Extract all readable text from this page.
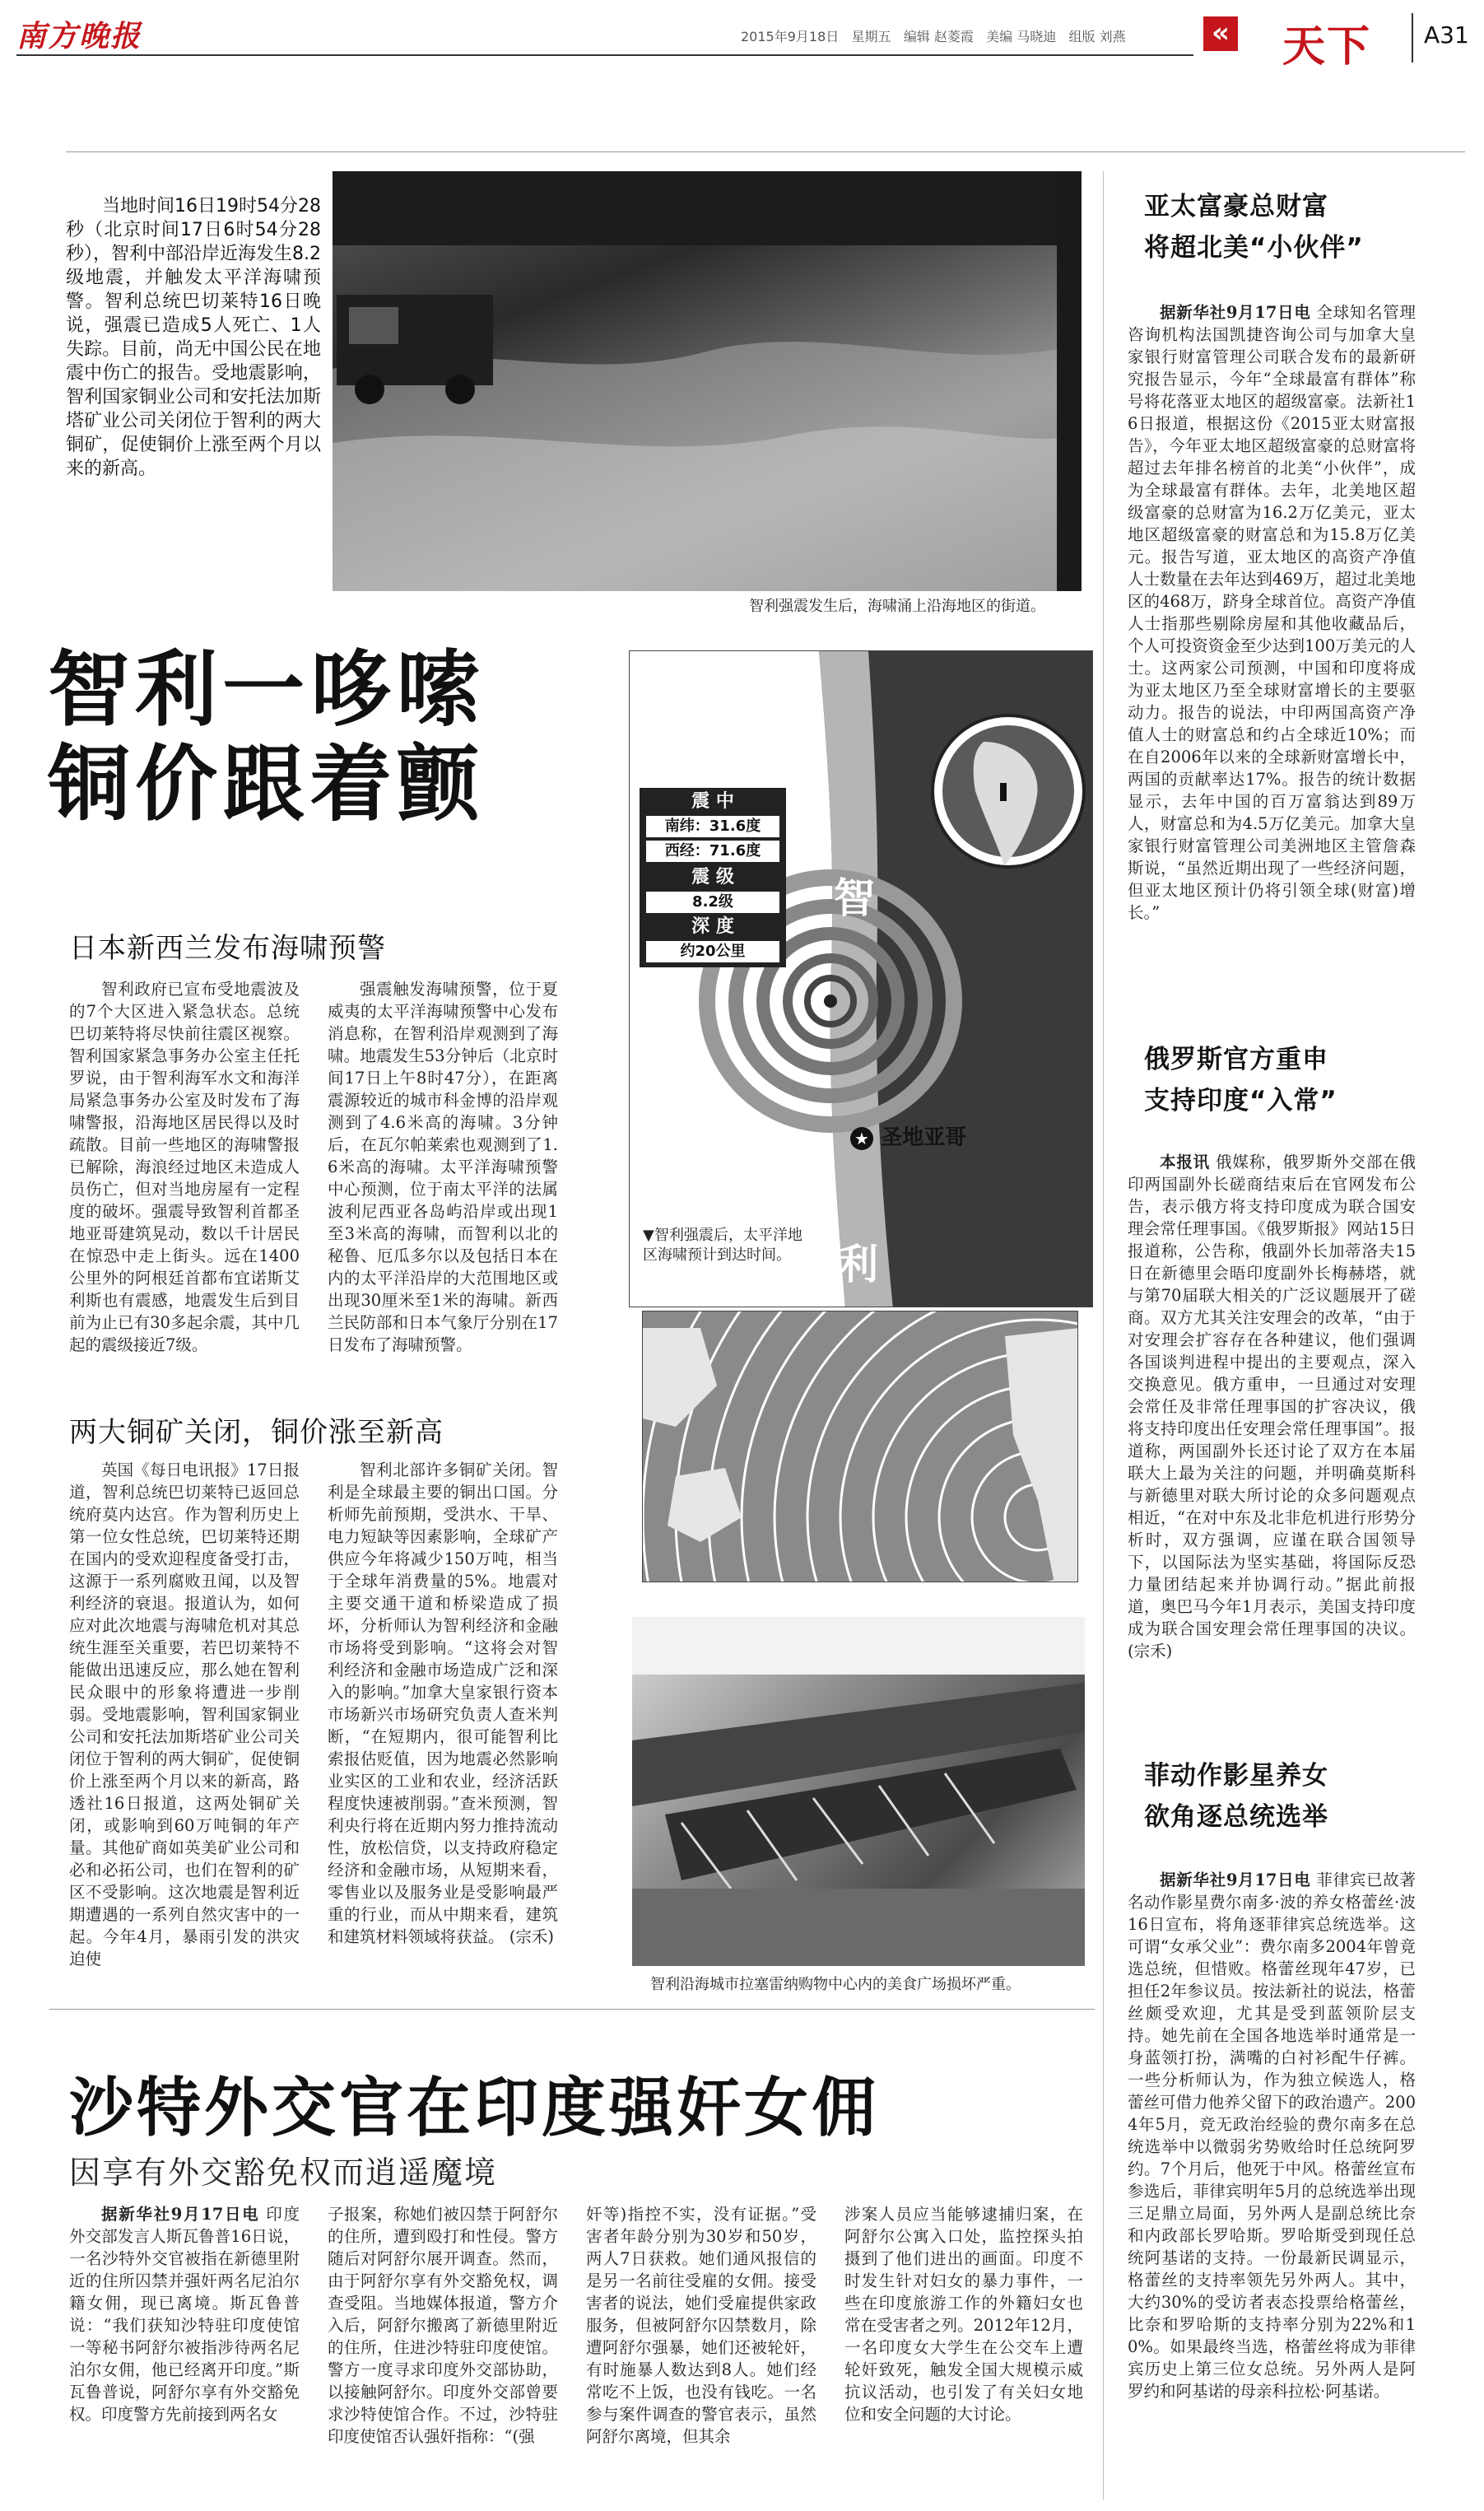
南方晚报	2015年9月18日 星期五 编辑 赵菱霞 美编 马晓迪 组版 刘燕	« 天下 A31
当地时间16日19时54分28秒（北京时间17日6时54分28秒），智利中部沿岸近海发生8.2级地震，并触发太平洋海啸预警。智利总统巴切莱特16日晚说，强震已造成5人死亡、1人失踪。目前，尚无中国公民在地震中伤亡的报告。受地震影响，智利国家铜业公司和安托法加斯塔矿业公司关闭位于智利的两大铜矿，促使铜价上涨至两个月以来的新高。
智利强震发生后，海啸涌上沿海地区的街道。
亚太富豪总财富
将超北美“小伙伴”
据新华社9月17日电 全球知名管理咨询机构法国凯捷咨询公司与加拿大皇家银行财富管理公司联合发布的最新研究报告显示，今年“全球最富有群体”称号将花落亚太地区的超级富豪。法新社16日报道，根据这份《2015亚太财富报告》，今年亚太地区超级富豪的总财富将超过去年排名榜首的北美“小伙伴”，成为全球最富有群体。去年，北美地区超级富豪的总财富为16.2万亿美元，亚太地区超级富豪的财富总和为15.8万亿美元。报告写道，亚太地区的高资产净值人士数量在去年达到469万，超过北美地区的468万，跻身全球首位。高资产净值人士指那些剔除房屋和其他收藏品后，个人可投资资金至少达到100万美元的人士。这两家公司预测，中国和印度将成为亚太地区乃至全球财富增长的主要驱动力。报告的说法，中印两国高资产净值人士的财富总和约占全球近10%；而在自2006年以来的全球新财富增长中，两国的贡献率达17%。报告的统计数据显示，去年中国的百万富翁达到89万人，财富总和为4.5万亿美元。加拿大皇家银行财富管理公司美洲地区主管詹森斯说，“虽然近期出现了一些经济问题，但亚太地区预计仍将引领全球(财富)增长。”
俄罗斯官方重申
支持印度“入常”
本报讯 俄媒称，俄罗斯外交部在俄印两国副外长磋商结束后在官网发布公告，表示俄方将支持印度成为联合国安理会常任理事国。《俄罗斯报》网站15日报道称，公告称，俄副外长加蒂洛夫15日在新德里会晤印度副外长梅赫塔，就与第70届联大相关的广泛议题展开了磋商。双方尤其关注安理会的改革，“由于对安理会扩容存在各种建议，他们强调各国谈判进程中提出的主要观点，深入交换意见。俄方重申，一旦通过对安理会常任及非常任理事国的扩容决议，俄将支持印度出任安理会常任理事国”。报道称，两国副外长还讨论了双方在本届联大上最为关注的问题，并明确莫斯科与新德里对联大所讨论的众多问题观点相近，“在对中东及北非危机进行形势分析时，双方强调，应谨在联合国领导下，以国际法为坚实基础，将国际反恐力量团结起来并协调行动。”据此前报道，奥巴马今年1月表示，美国支持印度成为联合国安理会常任理事国的决议。 (宗禾)
菲动作影星养女
欲角逐总统选举
据新华社9月17日电 菲律宾已故著名动作影星费尔南多·波的养女格蕾丝·波16日宣布，将角逐菲律宾总统选举。这可谓“女承父业”：费尔南多2004年曾竟选总统，但惜败。格蕾丝现年47岁，已担任2年参议员。按法新社的说法，格蕾丝颇受欢迎，尤其是受到蓝领阶层支持。她先前在全国各地选举时通常是一身蓝领打扮，满嘴的白衬衫配牛仔裤。一些分析师认为，作为独立候选人，格蕾丝可借力他养父留下的政治遗产。2004年5月，竞无政治经验的费尔南多在总统选举中以微弱劣势败给时任总统阿罗约。7个月后，他死于中风。格蕾丝宣布参选后，菲律宾明年5月的总统选举出现三足鼎立局面，另外两人是副总统比奈和内政部长罗哈斯。罗哈斯受到现任总统阿基诺的支持。一份最新民调显示，格蕾丝的支持率领先另外两人。其中，大约30%的受访者表态投票给格蕾丝，比奈和罗哈斯的支持率分别为22%和10%。如果最终当选，格蕾丝将成为菲律宾历史上第三位女总统。另外两人是阿罗约和阿基诺的母亲科拉松·阿基诺。
智利一哆嗦
铜价跟着颤
日本新西兰发布海啸预警
智利政府已宣布受地震波及的7个大区进入紧急状态。总统巴切莱特将尽快前往震区视察。智利国家紧急事务办公室主任托罗说，由于智利海军水文和海洋局紧急事务办公室及时发布了海啸警报，沿海地区居民得以及时疏散。目前一些地区的海啸警报已解除，海浪经过地区未造成人员伤亡，但对当地房屋有一定程度的破坏。强震导致智利首都圣地亚哥建筑晃动，数以千计居民在惊恐中走上街头。远在1400公里外的阿根廷首都布宜诺斯艾利斯也有震感，地震发生后到目前为止已有30多起余震，其中几起的震级接近7级。
强震触发海啸预警，位于夏威夷的太平洋海啸预警中心发布消息称，在智利沿岸观测到了海啸。地震发生53分钟后（北京时间17日上午8时47分），在距离震源较近的城市科金博的沿岸观测到了4.6米高的海啸。3分钟后，在瓦尔帕莱索也观测到了1.6米高的海啸。太平洋海啸预警中心预测，位于南太平洋的法属波利尼西亚各岛屿沿岸或出现1至3米高的海啸，而智利以北的秘鲁、厄瓜多尔以及包括日本在内的太平洋沿岸的大范围地区或出现30厘米至1米的海啸。新西兰民防部和日本气象厅分别在17日发布了海啸预警。
两大铜矿关闭，铜价涨至新高
英国《每日电讯报》17日报道，智利总统巴切莱特已返回总统府莫内达宫。作为智利历史上第一位女性总统，巴切莱特还期在国内的受欢迎程度备受打击，这源于一系列腐败丑闻，以及智利经济的衰退。报道认为，如何应对此次地震与海啸危机对其总统生涯至关重要，若巴切莱特不能做出迅速反应，那么她在智利民众眼中的形象将遭进一步削弱。受地震影响，智利国家铜业公司和安托法加斯塔矿业公司关闭位于智利的两大铜矿，促使铜价上涨至两个月以来的新高，路透社16日报道，这两处铜矿关闭，或影响到60万吨铜的年产量。其他矿商如英美矿业公司和必和必拓公司，也们在智利的矿区不受影响。这次地震是智利近期遭遇的一系列自然灾害中的一起。今年4月，暴雨引发的洪灾迫使
智利北部许多铜矿关闭。智利是全球最主要的铜出口国。分析师先前预期，受洪水、干旱、电力短缺等因素影响，全球矿产供应今年将减少150万吨，相当于全球年消费量的5%。地震对主要交通干道和桥梁造成了损坏，分析师认为智利经济和金融市场将受到影响。“这将会对智利经济和金融市场造成广泛和深入的影响。”加拿大皇家银行资本市场新兴市场研究负责人查米判断，“在短期内，很可能智利比索报估贬值，因为地震必然影响业实区的工业和农业，经济活跃程度快速被削弱。”查米预测，智利央行将在近期内努力推持流动性，放松信贷，以支持政府稳定经济和金融市场，从短期来看，零售业以及服务业是受影响最严重的行业，而从中期来看，建筑和建筑材料领域将获益。 (宗禾)
震 中
南纬：31.6度
西经：71.6度
震 级
8.2级
深 度
约20公里
智
利
★ 圣地亚哥
▼智利强震后，太平洋地区海啸预计到达时间。
智利沿海城市拉塞雷纳购物中心内的美食广场损坏严重。
沙特外交官在印度强奸女佣
因享有外交豁免权而逍遥魔境
据新华社9月17日电 印度外交部发言人斯瓦鲁普16日说，一名沙特外交官被指在新德里附近的住所囚禁并强奸两名尼泊尔籍女佣，现已离境。斯瓦鲁普说：“我们获知沙特驻印度使馆一等秘书阿舒尔被指涉待两名尼泊尔女佣，他已经离开印度。”斯瓦鲁普说，阿舒尔享有外交豁免权。印度警方先前接到两名女
子报案，称她们被囚禁于阿舒尔的住所，遭到殴打和性侵。警方随后对阿舒尔展开调查。然而，由于阿舒尔享有外交豁免权，调查受阻。当地媒体报道，警方介入后，阿舒尔搬离了新德里附近的住所，住进沙特驻印度使馆。警方一度寻求印度外交部协助，以接触阿舒尔。印度外交部曾要求沙特使馆合作。不过，沙特驻印度使馆否认强奸指称：“(强
奸等)指控不实，没有证据。”受害者年龄分别为30岁和50岁，两人7日获救。她们通风报信的是另一名前往受雇的女佣。接受害者的说法，她们受雇提供家政服务，但被阿舒尔囚禁数月，除遭阿舒尔强暴，她们还被轮奸，有时施暴人数达到8人。她们经常吃不上饭，也没有钱吃。一名参与案件调查的警官表示，虽然阿舒尔离境，但其余
涉案人员应当能够逮捕归案，在阿舒尔公寓入口处，监控探头拍摄到了他们进出的画面。印度不时发生针对妇女的暴力事件，一些在印度旅游工作的外籍妇女也常在受害者之列。2012年12月，一名印度女大学生在公交车上遭轮奸致死，触发全国大规模示威抗议活动，也引发了有关妇女地位和安全问题的大讨论。
